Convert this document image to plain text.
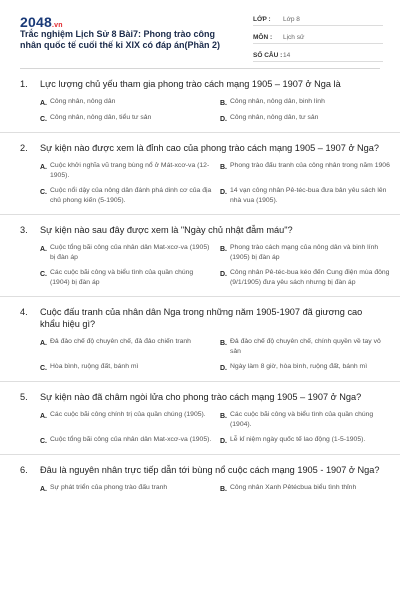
2048.vn
Trắc nghiệm Lịch Sử 8 Bài7: Phong trào công nhân quốc tế cuối thế kỉ XIX có đáp án(Phần 2)
LỚP :	Lớp 8
MÔN :	Lịch sử
SỐ CÂU : 14
1.	Lực lượng chủ yếu tham gia phong trào cách mạng 1905 – 1907 ở Nga là
A. Công nhân, nông dân	B. Công nhân, nông dân, binh lính
C. Công nhân, nông dân, tiểu tư sản	D. Công nhân, nông dân, tư sản
2.	Sự kiện nào được xem là đỉnh cao của phong trào cách mạng 1905 – 1907 ở Nga?
A. Cuộc khởi nghĩa vũ trang bùng nổ ở Mát-xcơ-va (12-1905).
B. Phong trào đấu tranh của công nhân trong năm 1906
C. Cuộc nổi dậy của nông dân đánh phá dinh cơ của địa chủ phong kiến (5-1905).
D. 14 vạn công nhân Pê-téc-bua đưa bản yêu sách lên nhà vua (1905).
3.	Sự kiện nào sau đây được xem là "Ngày chủ nhật đẫm máu"?
A. Cuộc tổng bãi công của nhân dân Mat-xcơ-va (1905) bị đàn áp
B. Phong trào cách mạng của nông dân và binh lính (1905) bị đàn áp
C. Các cuộc bãi công và biểu tình của quần chúng (1904) bị đàn áp
D. Công nhân Pê-téc-bua kéo đến Cung điện mùa đông (9/1/1905) đưa yêu sách nhưng bị đàn áp
4.	Cuộc đấu tranh của nhân dân Nga trong những năm 1905-1907 đã giương cao khẩu hiệu gì?
A. Đả đảo chế độ chuyên chế, đả đảo chiến tranh	B. Đả đảo chế độ chuyên chế, chính quyền về tay vô sản
C. Hòa bình, ruộng đất, bánh mì	D. Ngày làm 8 giờ, hòa bình, ruộng đất, bánh mì
5.	Sự kiện nào đã châm ngòi lửa cho phong trào cách mạng 1905 – 1907 ở Nga?
A. Các cuộc bãi công chính trị của quần chúng (1905).	B. Các cuộc bãi công và biểu tình của quần chúng (1904).
C. Cuộc tổng bãi công của nhân dân Mat-xcơ-va (1905). D. Lễ kỉ niệm ngày quốc tế lao động (1-5-1905).
6.	Đâu là nguyên nhân trực tiếp dẫn tới bùng nổ cuộc cách mạng 1905 - 1907 ở Nga?
A. Sự phát triển của phong trào đấu tranh	B. Công nhân Xanh Pêtécbua biểu tình thỉnh
